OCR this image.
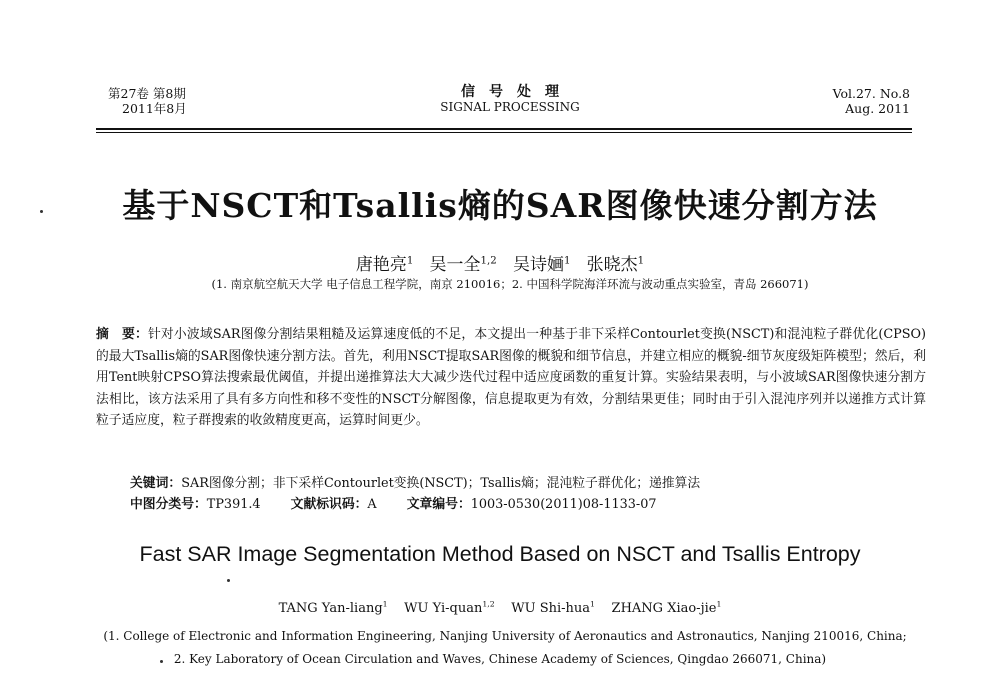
第27卷 第8期
2011年8月
信号处理
SIGNAL PROCESSING
Vol.27. No.8
Aug. 2011
基于NSCT和Tsallis熵的SAR图像快速分割方法
唐艳亮$^1$ 吴一全$^{1,2}$ 吴诗婳$^1$ 张晓杰$^1$
(1. 南京航空航天大学 电子信息工程学院，南京 210016；2. 中国科学院海洋环流与波动重点实验室，青岛 266071)
摘　要：针对小波域SAR图像分割结果粗糙及运算速度低的不足，本文提出一种基于非下采样Contourlet变换(NSCT)和混沌粒子群优化(CPSO)的最大Tsallis熵的SAR图像快速分割方法。首先，利用NSCT提取SAR图像的概貌和细节信息，并建立相应的概貌-细节灰度级矩阵模型；然后，利用Tent映射CPSO算法搜索最优阈值，并提出递推算法大大减少迭代过程中适应度函数的重复计算。实验结果表明，与小波域SAR图像快速分割方法相比，该方法采用了具有多方向性和移不变性的NSCT分解图像，信息提取更为有效，分割结果更佳；同时由于引入混沌序列并以递推方式计算粒子适应度，粒子群搜索的收敛精度更高，运算时间更少。
关键词：SAR图像分割；非下采样Contourlet变换(NSCT)；Tsallis熵；混沌粒子群优化；递推算法
中图分类号：TP391.4 文献标识码：A 文章编号：1003-0530(2011)08-1133-07
Fast SAR Image Segmentation Method Based on NSCT and Tsallis Entropy
TANG Yan-liang$^1$ WU Yi-quan$^{1,2}$ WU Shi-hua$^1$ ZHANG Xiao-jie$^1$
(1. College of Electronic and Information Engineering, Nanjing University of Aeronautics and Astronautics, Nanjing 210016, China;
2. Key Laboratory of Ocean Circulation and Waves, Chinese Academy of Sciences, Qingdao 266071, China)
